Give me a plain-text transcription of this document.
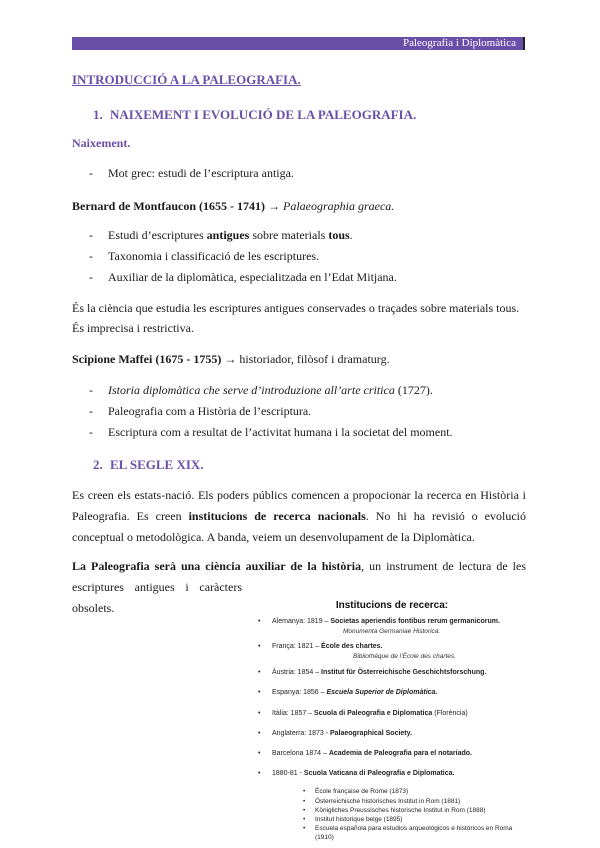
Paleografia i Diplomàtica
INTRODUCCIÓ A LA PALEOGRAFIA.
1. NAIXEMENT I EVOLUCIÓ DE LA PALEOGRAFIA.
Naixement.
- Mot grec: estudi de l’escriptura antiga.
Bernard de Montfaucon (1655 - 1741) → Palaeographia graeca.
- Estudi d’escriptures antigues sobre materials tous.
- Taxonomia i classificació de les escriptures.
- Auxiliar de la diplomàtica, especialitzada en l’Edat Mitjana.
És la ciència que estudia les escriptures antigues conservades o traçades sobre materials tous.
És imprecisa i restrictiva.
Scipione Maffei (1675 - 1755) → historiador, filòsof i dramaturg.
- Istoria diplomàtica che serve d’introduzione all’arte critica (1727).
- Paleografia com a Història de l’escriptura.
- Escriptura com a resultat de l’activitat humana i la societat del moment.
2. EL SEGLE XIX.
Es creen els estats-nació. Els poders públics comencen a propocionar la recerca en Història i
Paleografia. Es creen institucions de recerca nacionals. No hi ha revisió o evolució
conceptual o metodològica. A banda, veiem un desenvolupament de la Diplomàtica.
La Paleografia serà una ciència auxiliar de la història, un instrument de lectura de les
escriptures antigues i caràcters
obsolets.	Institucions de recerca:
• Alemanya: 1819 – Societas aperiendis fontibus rerum germanicorum.
Monumenta Germaniae Historica.
• França: 1821 – École des chartes.
Bibliothèque de l’École des chartes.
• Àustria: 1854 – Institut für Österreichische Geschichtsforschung.
• Espanya: 1856 – Escuela Superior de Diplomàtica.
• Itàlia: 1857 – Scuola di Paleografia e Diplomatica (Florència)
• Anglaterra: 1873 - Palaeographical Society.
• Barcelona 1874 – Academia de Paleografia para el notariado.
• 1880-81 - Scuola Vaticana di Paleografia e Diplomatica.
• École française de Rome (1873)
• Österreichische historisches Institut in Rom (1881)
• Königliches Preussisches historische Institut in Rom (1888)
• Institut historique belge (1895)
• Escuela española para estudios arqueológicos e históricos en Roma
(1910)
